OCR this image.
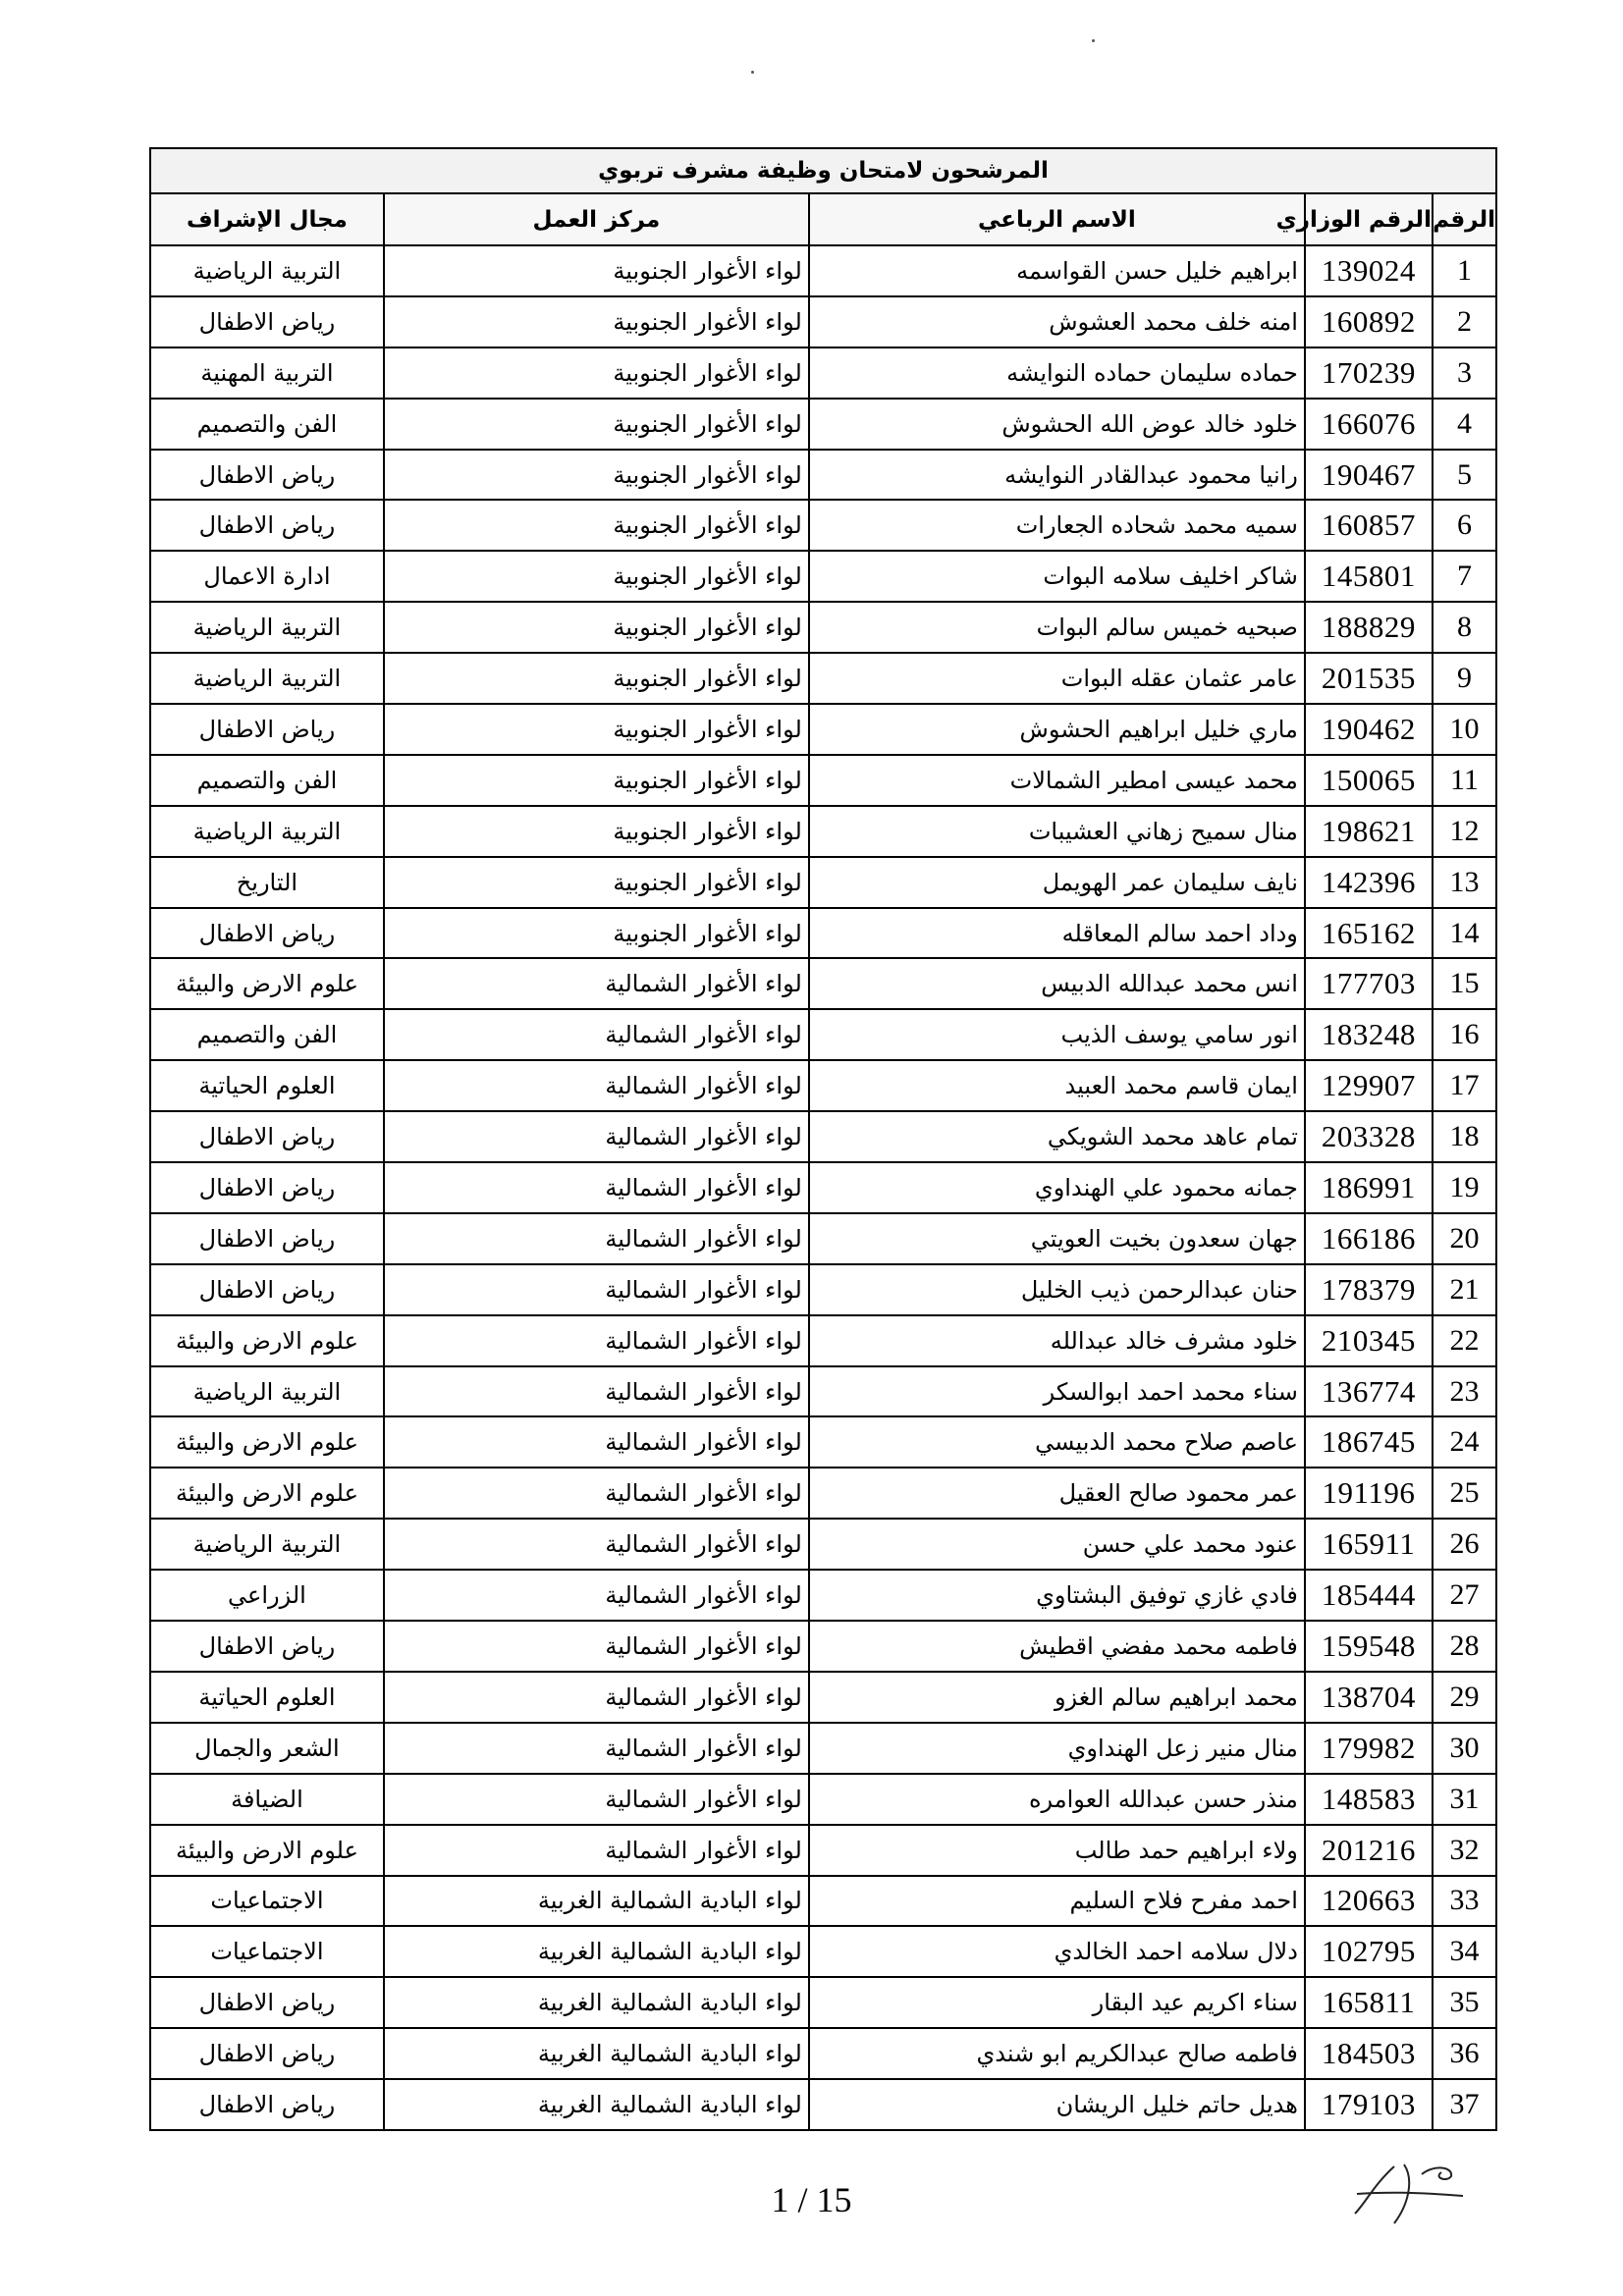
المرشحون لامتحان وظيفة مشرف تربوي				
الرقم	الرقم الوزاري	الاسم الرباعي	مركز العمل	مجال الإشراف
1	139024	ابراهيم خليل حسن القواسمه	لواء الأغوار الجنوبية	التربية الرياضية
2	160892	امنه خلف محمد العشوش	لواء الأغوار الجنوبية	رياض الاطفال
3	170239	حماده سليمان حماده النوايشه	لواء الأغوار الجنوبية	التربية المهنية
4	166076	خلود خالد عوض الله الحشوش	لواء الأغوار الجنوبية	الفن والتصميم
5	190467	رانيا محمود عبدالقادر النوايشه	لواء الأغوار الجنوبية	رياض الاطفال
6	160857	سميه محمد شحاده الجعارات	لواء الأغوار الجنوبية	رياض الاطفال
7	145801	شاكر اخليف سلامه البوات	لواء الأغوار الجنوبية	ادارة الاعمال
8	188829	صبحيه خميس سالم البوات	لواء الأغوار الجنوبية	التربية الرياضية
9	201535	عامر عثمان عقله البوات	لواء الأغوار الجنوبية	التربية الرياضية
10	190462	ماري خليل ابراهيم الحشوش	لواء الأغوار الجنوبية	رياض الاطفال
11	150065	محمد عيسى امطير الشمالات	لواء الأغوار الجنوبية	الفن والتصميم
12	198621	منال سميح زهاني العشيبات	لواء الأغوار الجنوبية	التربية الرياضية
13	142396	نايف سليمان عمر الهويمل	لواء الأغوار الجنوبية	التاريخ
14	165162	وداد احمد سالم المعاقله	لواء الأغوار الجنوبية	رياض الاطفال
15	177703	انس محمد عبدالله الدبيس	لواء الأغوار الشمالية	علوم الارض والبيئة
16	183248	انور سامي يوسف الذيب	لواء الأغوار الشمالية	الفن والتصميم
17	129907	ايمان قاسم محمد العبيد	لواء الأغوار الشمالية	العلوم الحياتية
18	203328	تمام عاهد محمد الشويكي	لواء الأغوار الشمالية	رياض الاطفال
19	186991	جمانه محمود علي الهنداوي	لواء الأغوار الشمالية	رياض الاطفال
20	166186	جهان سعدون بخيت العويتي	لواء الأغوار الشمالية	رياض الاطفال
21	178379	حنان عبدالرحمن ذيب الخليل	لواء الأغوار الشمالية	رياض الاطفال
22	210345	خلود مشرف خالد عبدالله	لواء الأغوار الشمالية	علوم الارض والبيئة
23	136774	سناء محمد احمد ابوالسكر	لواء الأغوار الشمالية	التربية الرياضية
24	186745	عاصم صلاح محمد الدبيسي	لواء الأغوار الشمالية	علوم الارض والبيئة
25	191196	عمر محمود صالح العقيل	لواء الأغوار الشمالية	علوم الارض والبيئة
26	165911	عنود محمد علي حسن	لواء الأغوار الشمالية	التربية الرياضية
27	185444	فادي غازي توفيق البشتاوي	لواء الأغوار الشمالية	الزراعي
28	159548	فاطمه محمد مفضي اقطيش	لواء الأغوار الشمالية	رياض الاطفال
29	138704	محمد ابراهيم سالم الغزو	لواء الأغوار الشمالية	العلوم الحياتية
30	179982	منال منير زعل الهنداوي	لواء الأغوار الشمالية	الشعر والجمال
31	148583	منذر حسن عبدالله العوامره	لواء الأغوار الشمالية	الضيافة
32	201216	ولاء ابراهيم حمد طالب	لواء الأغوار الشمالية	علوم الارض والبيئة
33	120663	احمد مفرح فلاح السليم	لواء البادية الشمالية الغربية	الاجتماعيات
34	102795	دلال سلامه احمد الخالدي	لواء البادية الشمالية الغربية	الاجتماعيات
35	165811	سناء اكريم عيد البقار	لواء البادية الشمالية الغربية	رياض الاطفال
36	184503	فاطمه صالح عبدالكريم ابو شندي	لواء البادية الشمالية الغربية	رياض الاطفال
37	179103	هديل حاتم خليل الريشان	لواء البادية الشمالية الغربية	رياض الاطفال
1 / 15
